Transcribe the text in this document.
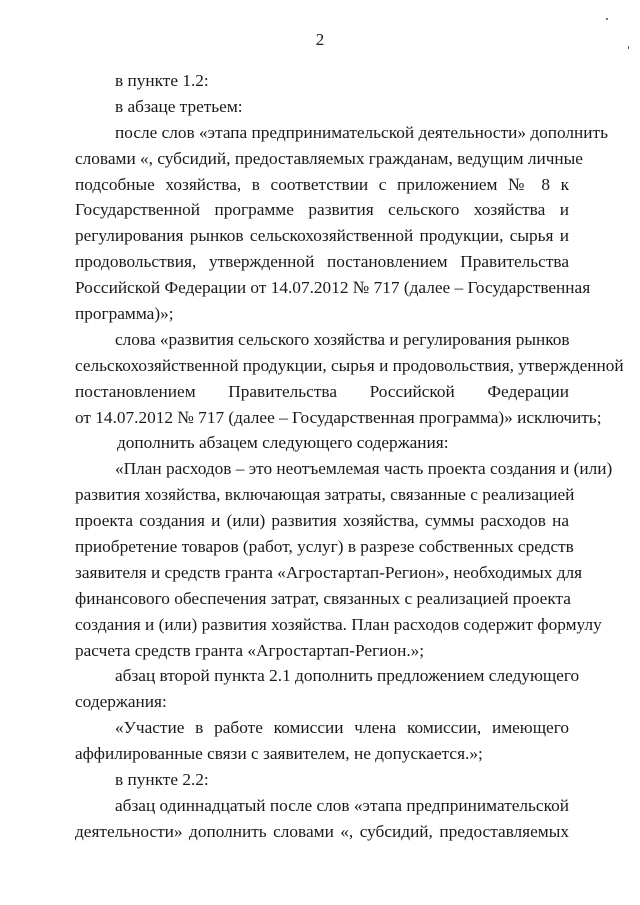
2
в пункте 1.2:
в абзаце третьем:
после слов «этапа предпринимательской деятельности» дополнить
словами «, субсидий, предоставляемых гражданам, ведущим личные
подсобные хозяйства, в соответствии с приложением № 8 к
Государственной программе развития сельского хозяйства и
регулирования рынков сельскохозяйственной продукции, сырья и
продовольствия, утвержденной постановлением Правительства
Российской Федерации от 14.07.2012 № 717 (далее – Государственная
программа)»;
слова «развития сельского хозяйства и регулирования рынков
сельскохозяйственной продукции, сырья и продовольствия, утвержденной
постановлением Правительства Российской Федерации
от 14.07.2012 № 717 (далее – Государственная программа)» исключить;
дополнить абзацем следующего содержания:
«План расходов – это неотъемлемая часть проекта создания и (или)
развития хозяйства, включающая затраты, связанные с реализацией
проекта создания и (или) развития хозяйства, суммы расходов на
приобретение товаров (работ, услуг) в разрезе собственных средств
заявителя и средств гранта «Агростартап-Регион», необходимых для
финансового обеспечения затрат, связанных с реализацией проекта
создания и (или) развития хозяйства. План расходов содержит формулу
расчета средств гранта «Агростартап-Регион.»;
абзац второй пункта 2.1 дополнить предложением следующего
содержания:
«Участие в работе комиссии члена комиссии, имеющего
аффилированные связи с заявителем, не допускается.»;
в пункте 2.2:
абзац одиннадцатый после слов «этапа предпринимательской
деятельности» дополнить словами «, субсидий, предоставляемых
